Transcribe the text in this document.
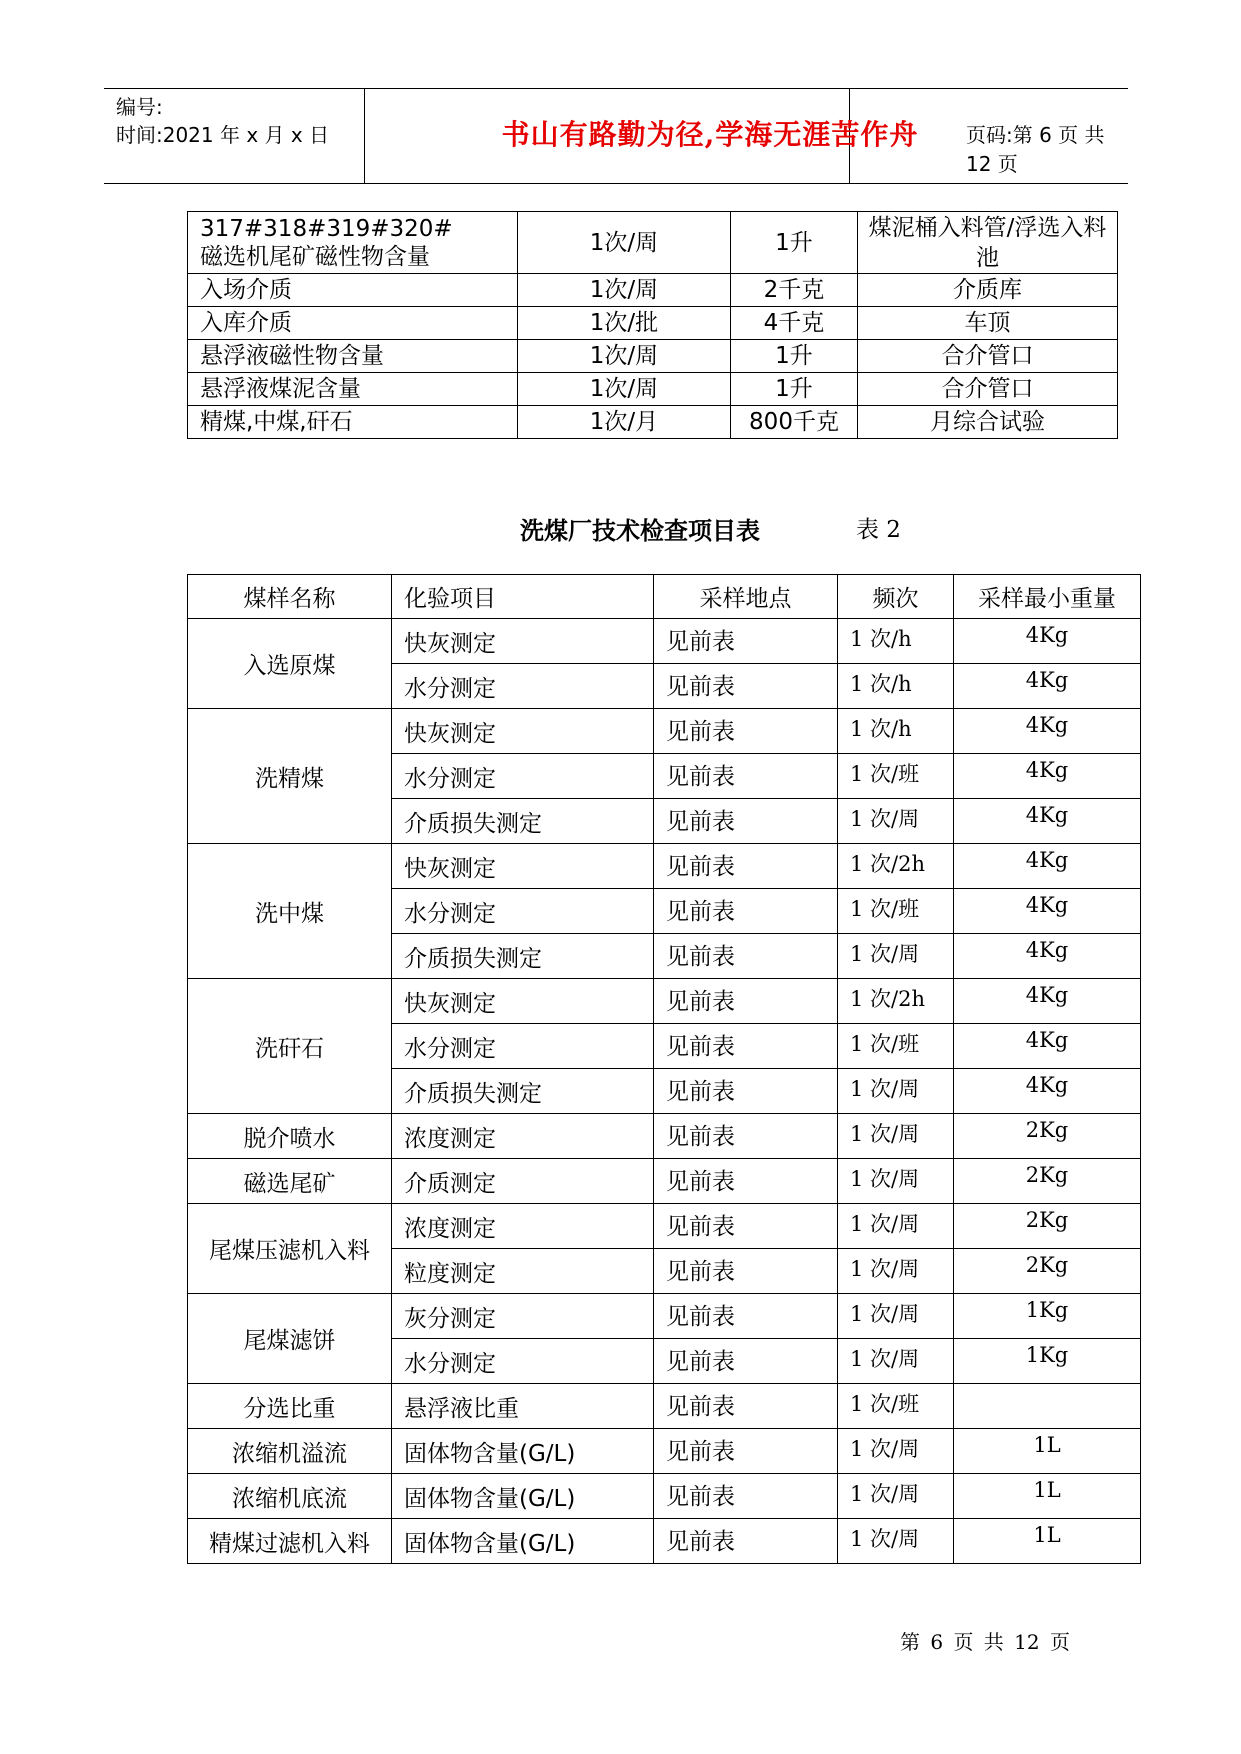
编号:
时间:2021 年 x 月 x 日	书山有路勤为径,学海无涯苦作舟	页码:第 6 页 共 12 页
317#318#319#320#
磁选机尾矿磁性物含量	1次/周	1升	煤泥桶入料管/浮选入料池
入场介质	1次/周	2千克	介质库
入库介质	1次/批	4千克	车顶
悬浮液磁性物含量	1次/周	1升	合介管口
悬浮液煤泥含量	1次/周	1升	合介管口
精煤,中煤,矸石	1次/月	800千克	月综合试验
洗煤厂技术检查项目表	表 2
煤样名称	化验项目	采样地点	频次	采样最小重量
入选原煤	快灰测定	见前表	1 次/h	4Kg
	水分测定	见前表	1 次/h	4Kg
洗精煤	快灰测定	见前表	1 次/h	4Kg
	水分测定	见前表	1 次/班	4Kg
	介质损失测定	见前表	1 次/周	4Kg
洗中煤	快灰测定	见前表	1 次/2h	4Kg
	水分测定	见前表	1 次/班	4Kg
	介质损失测定	见前表	1 次/周	4Kg
洗矸石	快灰测定	见前表	1 次/2h	4Kg
	水分测定	见前表	1 次/班	4Kg
	介质损失测定	见前表	1 次/周	4Kg
脱介喷水	浓度测定	见前表	1 次/周	2Kg
磁选尾矿	介质测定	见前表	1 次/周	2Kg
尾煤压滤机入料	浓度测定	见前表	1 次/周	2Kg
	粒度测定	见前表	1 次/周	2Kg
尾煤滤饼	灰分测定	见前表	1 次/周	1Kg
	水分测定	见前表	1 次/周	1Kg
分选比重	悬浮液比重	见前表	1 次/班	
浓缩机溢流	固体物含量(G/L)	见前表	1 次/周	1L
浓缩机底流	固体物含量(G/L)	见前表	1 次/周	1L
精煤过滤机入料	固体物含量(G/L)	见前表	1 次/周	1L
第 6 页 共 12 页
